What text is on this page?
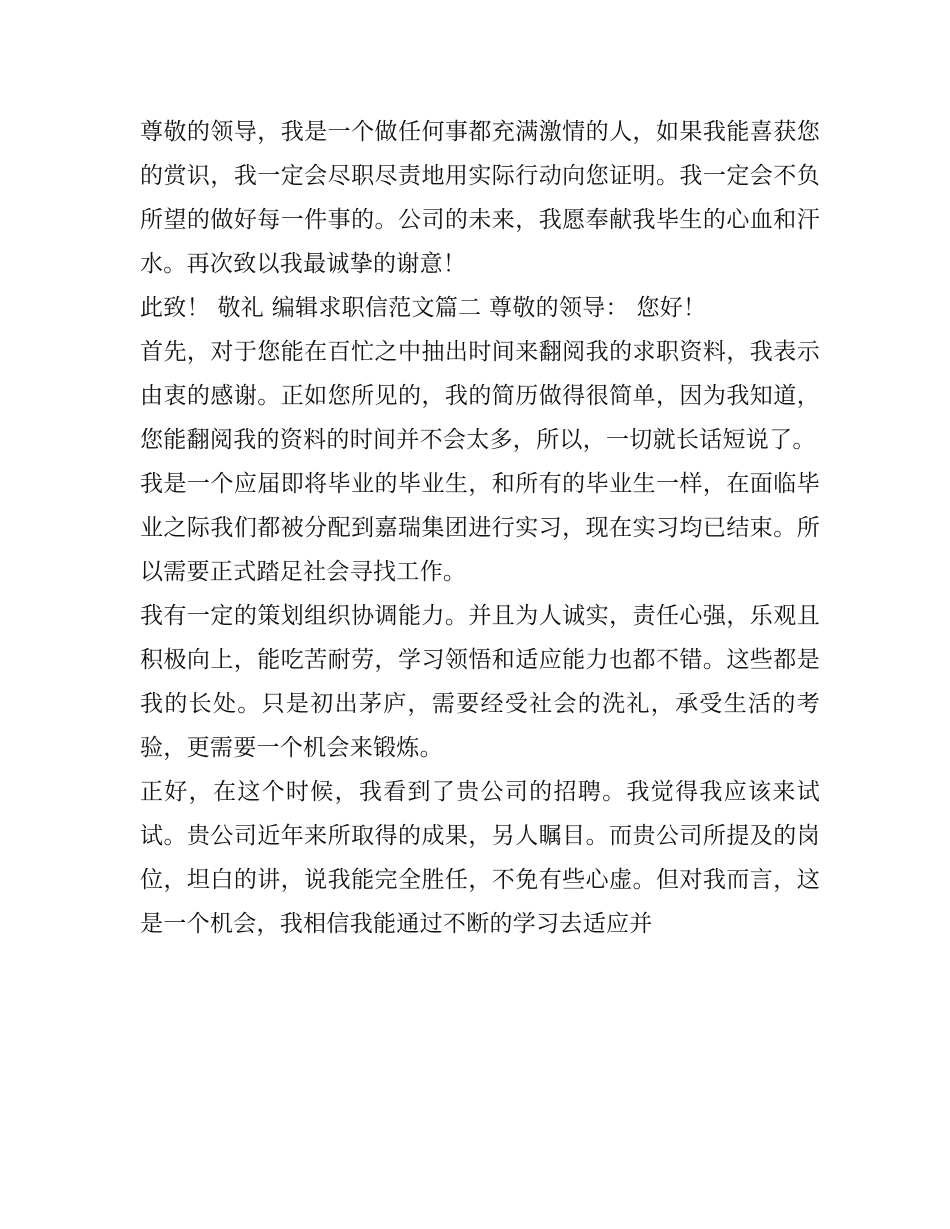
尊敬的领导，我是一个做任何事都充满激情的人，如果我能喜获您的赏识，我一定会尽职尽责地用实际行动向您证明。我一定会不负所望的做好每一件事的。公司的未来，我愿奉献我毕生的心血和汗水。再次致以我最诚挚的谢意！

此致！ 敬礼 编辑求职信范文篇二 尊敬的领导： 您好！

首先，对于您能在百忙之中抽出时间来翻阅我的求职资料，我表示由衷的感谢。正如您所见的，我的简历做得很简单，因为我知道，您能翻阅我的资料的时间并不会太多，所以，一切就长话短说了。

我是一个应届即将毕业的毕业生，和所有的毕业生一样，在面临毕业之际我们都被分配到嘉瑞集团进行实习，现在实习均已结束。所以需要正式踏足社会寻找工作。

我有一定的策划组织协调能力。并且为人诚实，责任心强，乐观且积极向上，能吃苦耐劳，学习领悟和适应能力也都不错。这些都是我的长处。只是初出茅庐，需要经受社会的洗礼，承受生活的考验，更需要一个机会来锻炼。

正好，在这个时候，我看到了贵公司的招聘。我觉得我应该来试试。贵公司近年来所取得的成果，另人瞩目。而贵公司所提及的岗位，坦白的讲，说我能完全胜任，不免有些心虚。但对我而言，这是一个机会，我相信我能通过不断的学习去适应并
